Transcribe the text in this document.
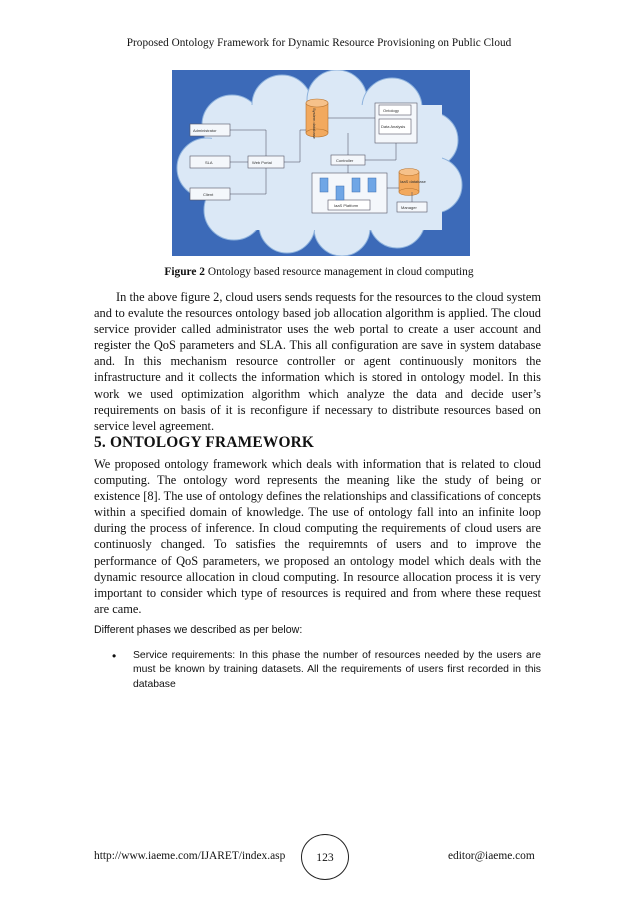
Proposed Ontology Framework for Dynamic Resource Provisioning on Public Cloud
Administrator
SLA
Client
Web Portal	Controller
System database	Ontology
Data Analysis
IaaS database
IaaS Platform	Manager
Figure 2 Ontology based resource management in cloud computing

In the above figure 2, cloud users sends requests for the resources to the cloud system and to evalute the resources ontology based job allocation algorithm is applied. The cloud service provider called administrator uses the web portal to create a user account and register the QoS parameters and SLA. This all configuration are save in system database and. In this mechanism resource controller or agent continuously monitors the infrastructure and it collects the information which is stored in ontology model. In this work we used optimization algorithm which analyze the data and decide user’s requirements on basis of it is reconfigure if necessary to distribute resources based on service level agreement.

5. ONTOLOGY FRAMEWORK

We proposed ontology framework which deals with information that is related to cloud computing. The ontology word represents the meaning like the study of being or existence [8]. The use of ontology defines the relationships and classifications of concepts within a specified domain of knowledge. The use of ontology fall into an infinite loop during the process of inference. In cloud computing the requirements of cloud users are continuosly changed. To satisfies the requiremnts of users and to improve the performance of QoS parameters, we proposed an ontology model which deals with the dynamic resource allocation in cloud computing. In resource allocation process it is very important to consider which type of resources is required and from where these request are came.

Different phases we described as per below:

• Service requirements: In this phase the number of resources needed by the users are must be known by training datasets. All the requirements of users first recorded in this database

http://www.iaeme.com/IJARET/index.asp	123	editor@iaeme.com
